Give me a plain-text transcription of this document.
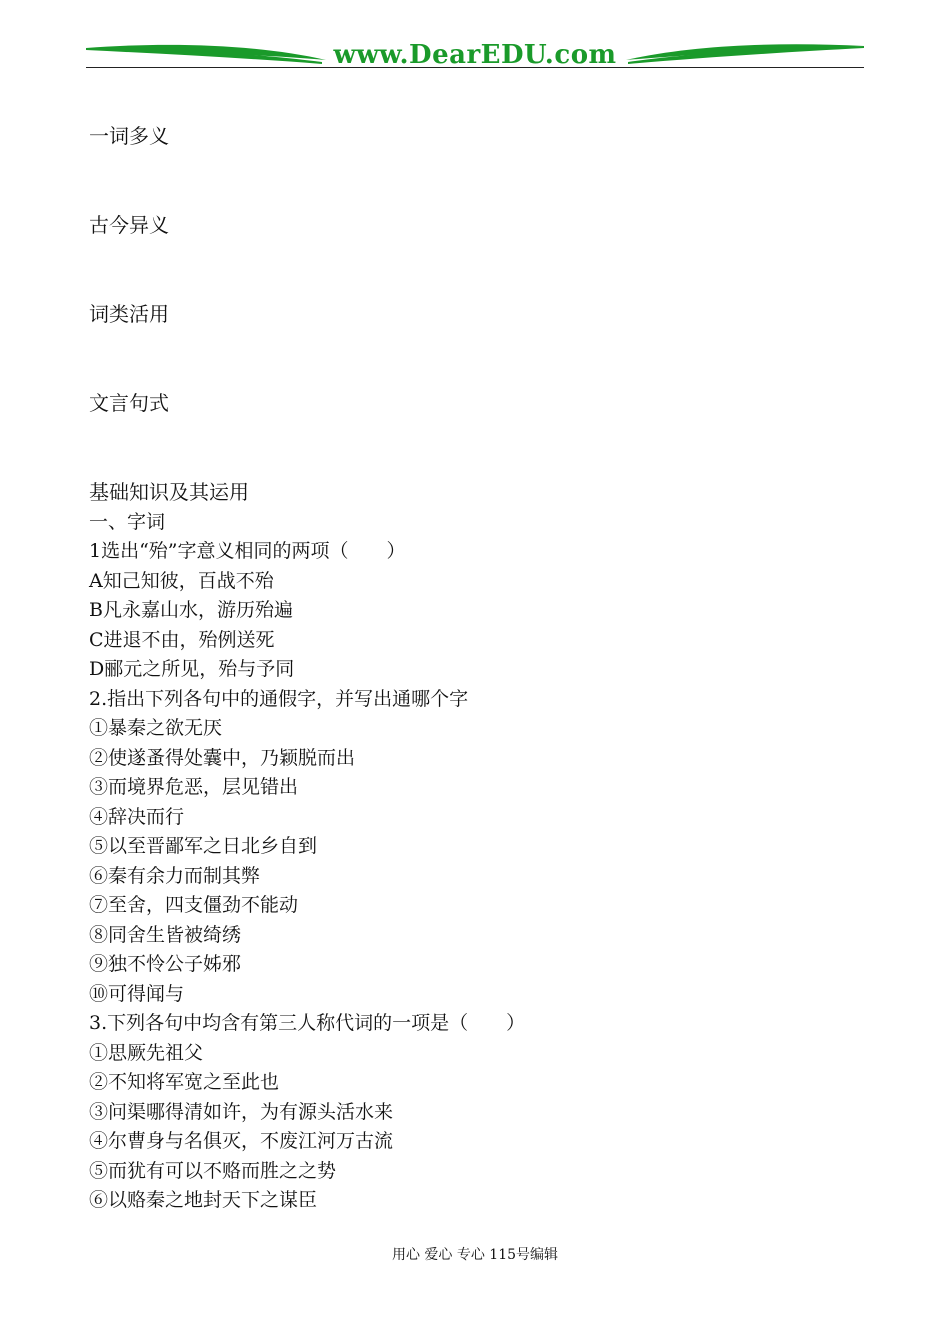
www.DearEDU.com
一词多义
古今异义
词类活用
文言句式
基础知识及其运用
一、字词
1选出“殆”字意义相同的两项（　　）
A知己知彼，百战不殆
B凡永嘉山水，游历殆遍
C进退不由，殆例送死
D郦元之所见，殆与予同
2.指出下列各句中的通假字，并写出通哪个字
①暴秦之欲无厌
②使遂蚤得处囊中，乃颖脱而出
③而境界危恶，层见错出
④辞决而行
⑤以至晋鄙军之日北乡自到
⑥秦有余力而制其弊
⑦至舍，四支僵劲不能动
⑧同舍生皆被绮绣
⑨独不怜公子姊邪
⑩可得闻与
3.下列各句中均含有第三人称代词的一项是（　　）
①思厥先祖父
②不知将军宽之至此也
③问渠哪得清如许，为有源头活水来
④尔曹身与名俱灭，不废江河万古流
⑤而犹有可以不赂而胜之之势
⑥以赂秦之地封天下之谋臣
用心 爱心 专心 115号编辑
